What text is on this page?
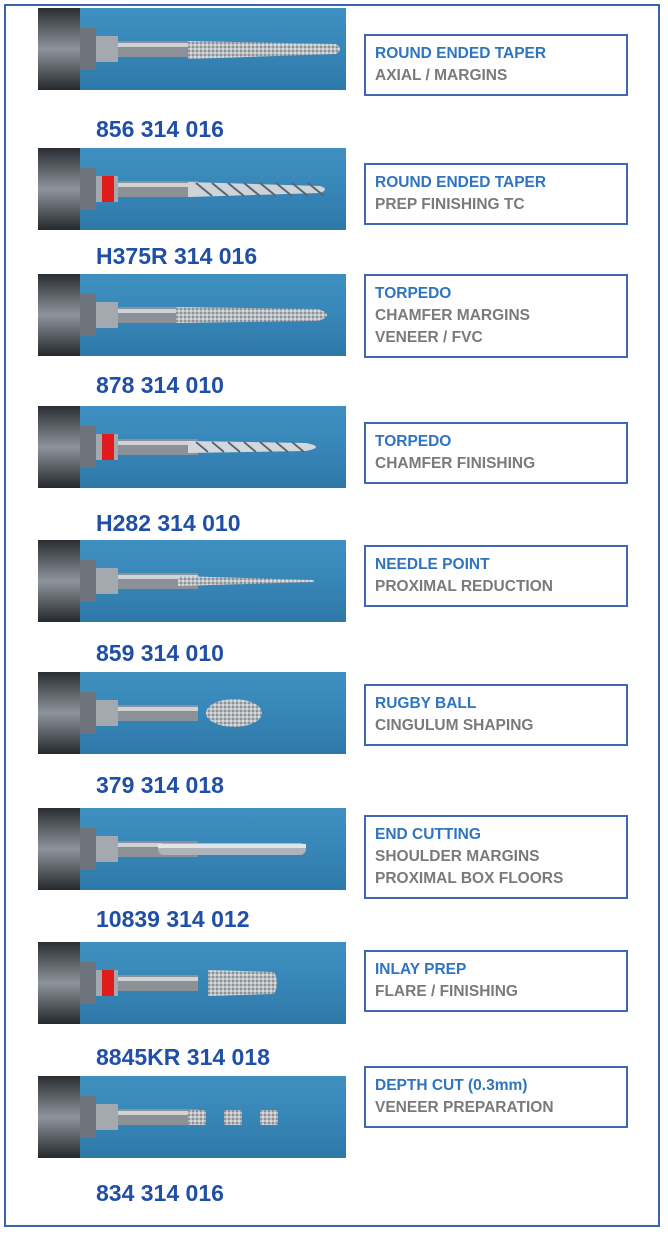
856 314 016
ROUND ENDED TAPER
AXIAL / MARGINS
H375R 314 016
ROUND ENDED TAPER
PREP FINISHING TC
878 314 010
TORPEDO
CHAMFER MARGINS
VENEER / FVC
H282 314 010
TORPEDO
CHAMFER FINISHING
859 314 010
NEEDLE POINT
PROXIMAL REDUCTION
379 314 018
RUGBY BALL
CINGULUM SHAPING
10839 314 012
END CUTTING
SHOULDER MARGINS
PROXIMAL BOX FLOORS
8845KR 314 018
INLAY PREP
FLARE / FINISHING
834 314 016
DEPTH CUT (0.3mm)
VENEER PREPARATION
